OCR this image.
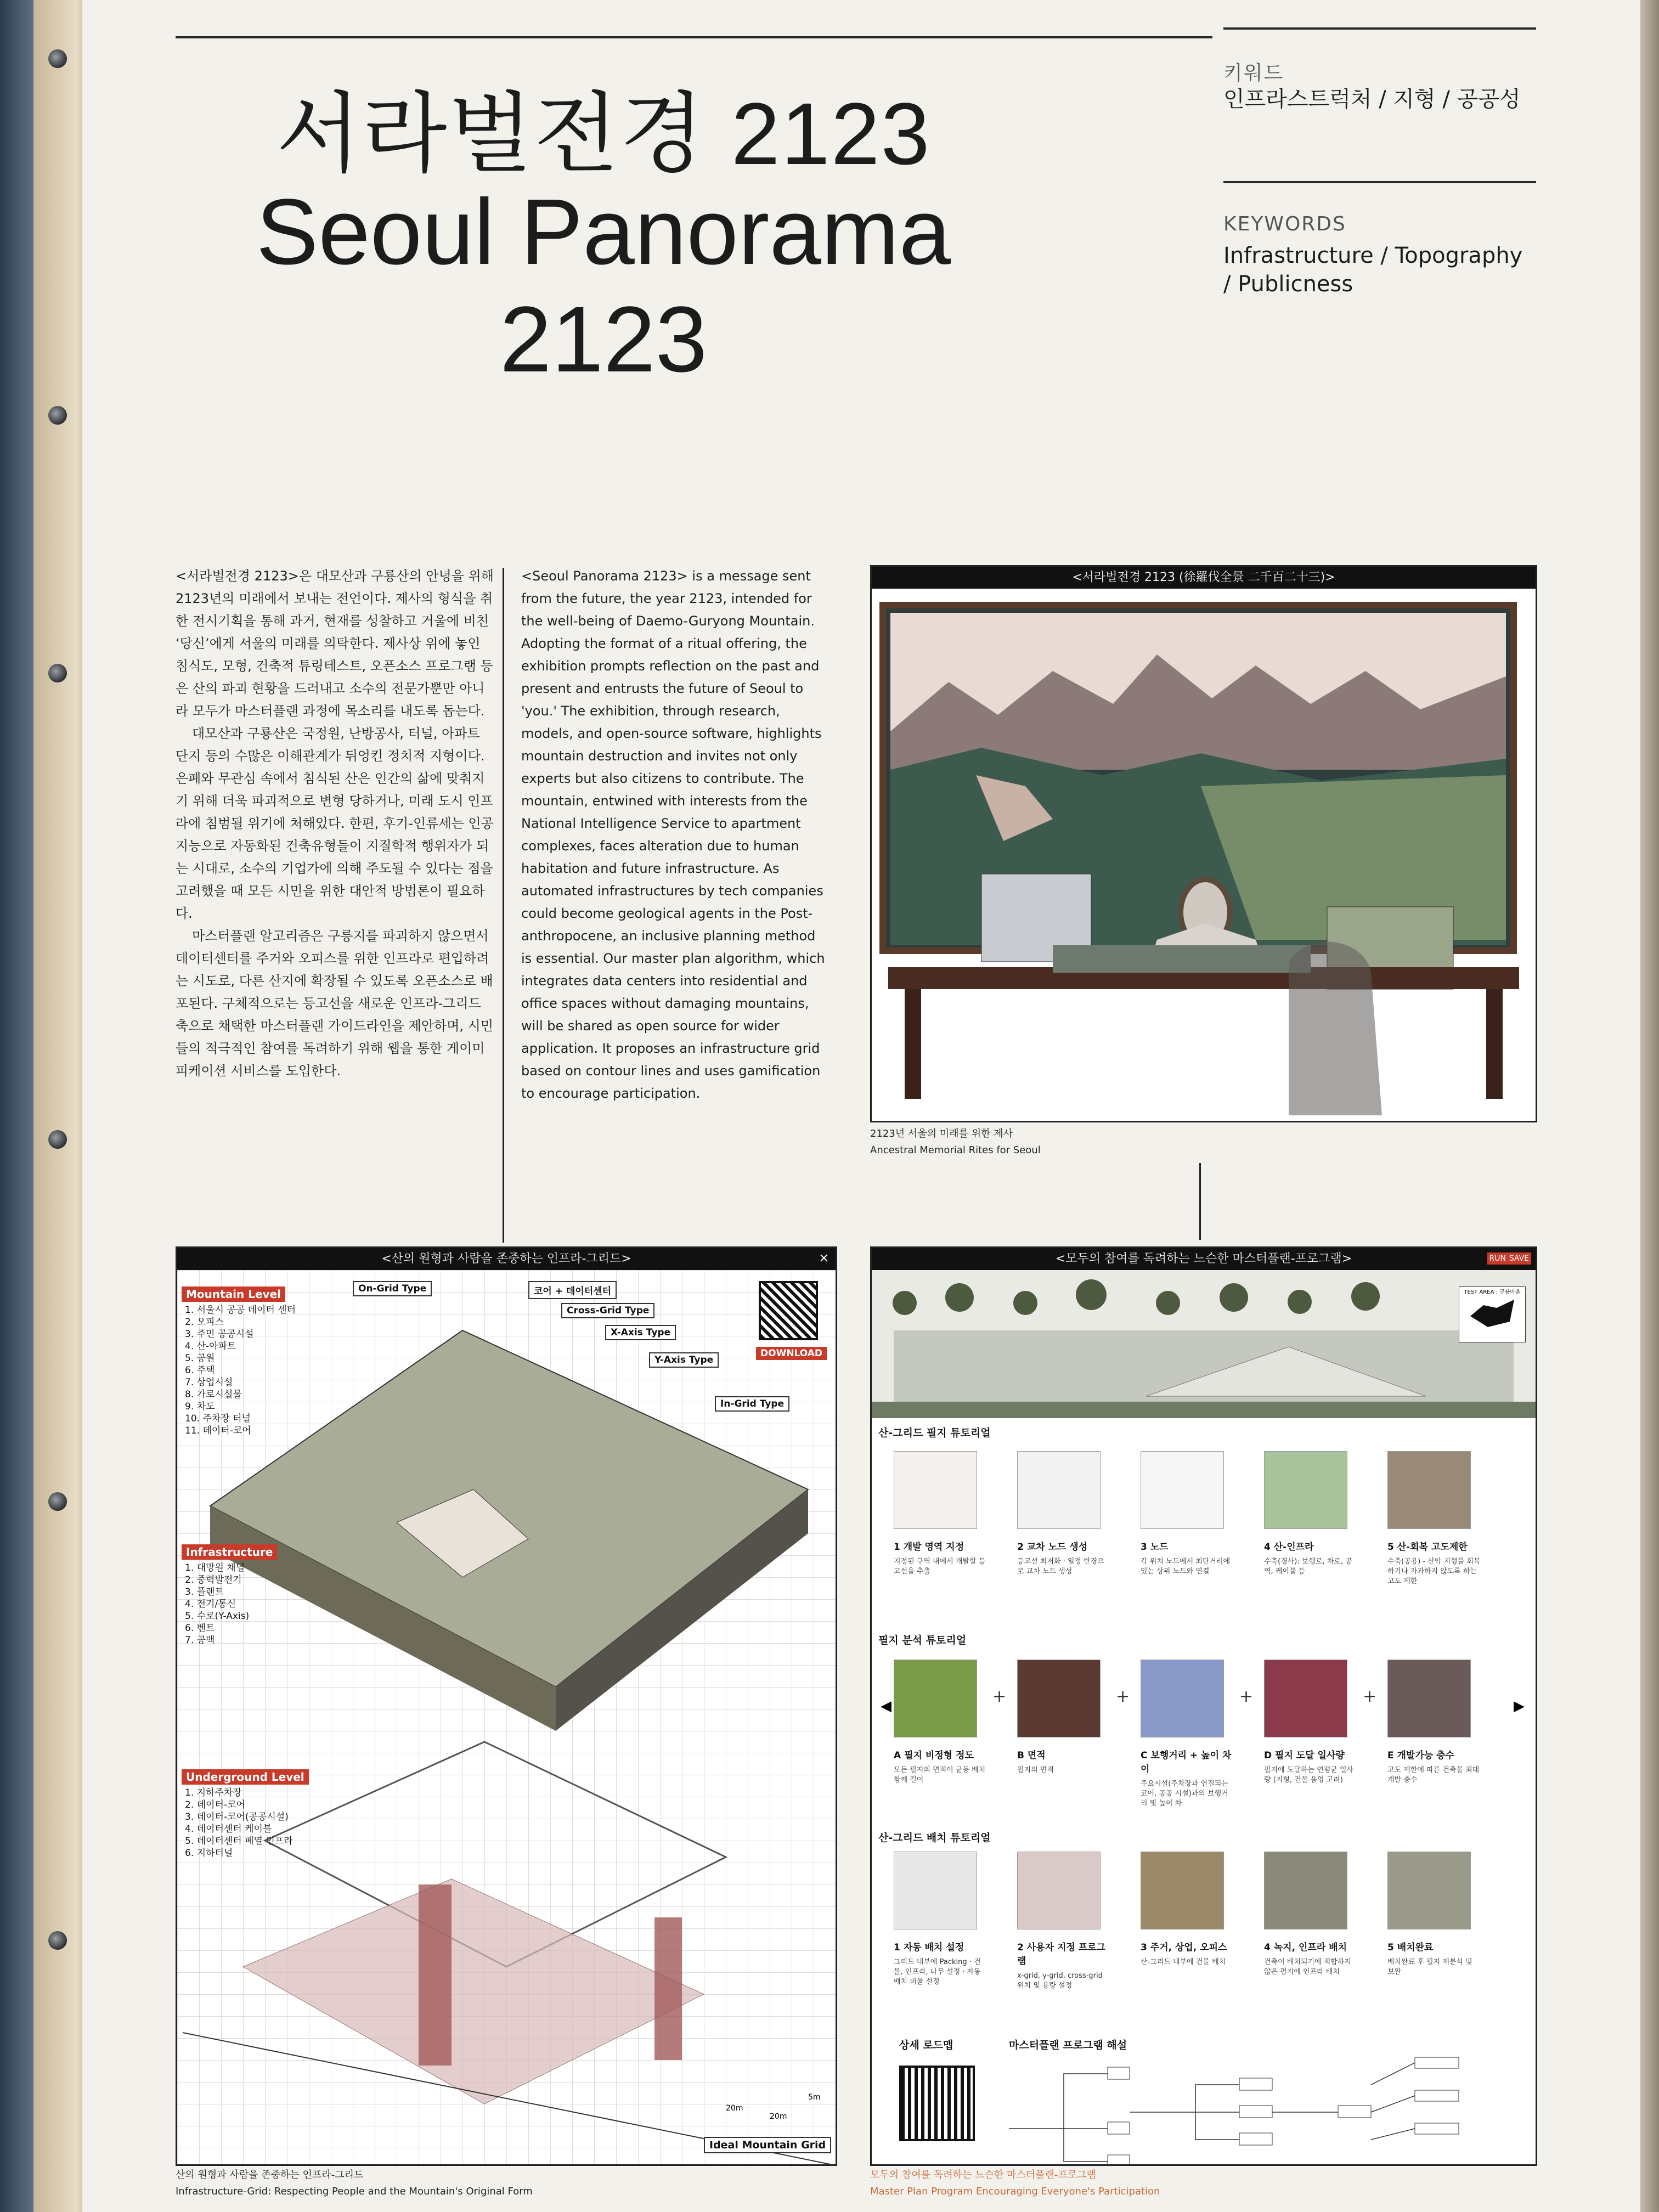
서라벌전경 2123
Seoul Panorama 2123
키워드
인프라스트럭처 / 지형 / 공공성
KEYWORDS
Infrastructure / Topography / Publicness

<서라벌전경 2123>은 대모산과 구룡산의 안녕을 위해 2123년의 미래에서 보내는 전언이다. 제사의 형식을 취한 전시기획을 통해 과거, 현재를 성찰하고 거울에 비친 ‘당신’에게 서울의 미래를 의탁한다. 제사상 위에 놓인 침식도, 모형, 건축적 튜링테스트, 오픈소스 프로그램 등은 산의 파괴 현황을 드러내고 소수의 전문가뿐만 아니라 모두가 마스터플랜 과정에 목소리를 내도록 돕는다.

대모산과 구룡산은 국정원, 난방공사, 터널, 아파트 단지 등의 수많은 이해관계가 뒤엉킨 정치적 지형이다. 은폐와 무관심 속에서 침식된 산은 인간의 삶에 맞춰지기 위해 더욱 파괴적으로 변형 당하거나, 미래 도시 인프라에 침범될 위기에 처해있다. 한편, 후기-인류세는 인공지능으로 자동화된 건축유형들이 지질학적 행위자가 되는 시대로, 소수의 기업가에 의해 주도될 수 있다는 점을 고려했을 때 모든 시민을 위한 대안적 방법론이 필요하다.

마스터플랜 알고리즘은 구릉지를 파괴하지 않으면서 데이터센터를 주거와 오피스를 위한 인프라로 편입하려는 시도로, 다른 산지에 확장될 수 있도록 오픈소스로 배포된다. 구체적으로는 등고선을 새로운 인프라-그리드 축으로 채택한 마스터플랜 가이드라인을 제안하며, 시민들의 적극적인 참여를 독려하기 위해 웹을 통한 게이미피케이션 서비스를 도입한다.

<Seoul Panorama 2123> is a message sent from the future, the year 2123, intended for the well-being of Daemo-Guryong Mountain. Adopting the format of a ritual offering, the exhibition prompts reflection on the past and present and entrusts the future of Seoul to 'you.' The exhibition, through research, models, and open-source software, highlights mountain destruction and invites not only experts but also citizens to contribute. The mountain, entwined with interests from the National Intelligence Service to apartment complexes, faces alteration due to human habitation and future infrastructure. As automated infrastructures by tech companies could become geological agents in the Post-anthropocene, an inclusive planning method is essential. Our master plan algorithm, which integrates data centers into residential and office spaces without damaging mountains, will be shared as open source for wider application. It proposes an infrastructure grid based on contour lines and uses gamification to encourage participation.
<서라벌전경 2123 (徐羅伐全景 二千百二十三)>
2123년 서울의 미래를 위한 제사
Ancestral Memorial Rites for Seoul
<산의 원형과 사람을 존중하는 인프라-그리드>	✕
Mountain Level
1. 서울시 공공 데이터 센터
2. 오피스
3. 주민 공공시설
4. 산-아파트
5. 공원
6. 주택
7. 상업시설
8. 가로시설물
9. 차도
10. 주차장 터널
11. 데이터-코어
Infrastructure
1. 대망원 채널
2. 중력발전기
3. 플랜트
4. 전기/통신
5. 수로(Y-Axis)
6. 벤트
7. 공백
Underground Level
1. 지하주차장
2. 데이터-코어
3. 데이터-코어(공공시설)
4. 데이터센터 케이블
5. 데이터센터 폐열 인프라
6. 지하터널
On-Grid Type	코어 + 데이터센터
Cross-Grid Type
X-Axis Type
Y-Axis Type
In-Grid Type
DOWNLOAD
Ideal Mountain Grid
20m
20m
5m
산의 원형과 사람을 존중하는 인프라-그리드
Infrastructure-Grid: Respecting People and the Mountain's Original Form
<모두의 참여를 독려하는 느슨한 마스터플랜-프로그램>	RUN SAVE
TEST AREA : 구룡마을
산-그리드 필지 튜토리얼
필지 분석 튜토리얼
◀	▶
산-그리드 배치 튜토리얼
상세 로드맵	마스터플랜 프로그램 해설
1 개발 영역 지정
지정된 구역 내에서 개발할 등고선을 추출
2 교차 노드 생성
등고선 최저화 · 일정 반경으로 교차 노드 생성
3 노드
각 위치 노드에서 최단거리에 있는 상위 노드와 연결
4 산-인프라
수축(경사): 보행로, 차로, 공역, 케이블 등
5 산-회복 고도제한
수축(공용) - 산악 지형을 회복하기나 자과하지 않도록 하는 고도 제한
A 필지 비정형 정도
모든 필지의 면적이 균등 배치 함께 길이
+
B 면적
필지의 면적
+
C 보행거리 + 높이 차이
주요시설(주차장과 연결되는 코어, 공공 시설)과의 보행거리 및 높이 차
+
D 필지 도달 일사량
필지에 도달하는 연평균 일사량 (지형, 건물 음영 고려)
+
E 개발가능 층수
고도 제한에 따른 건축물 최대 개발 층수
1 자동 배치 설정
그리드 내부에 Packing · 건물, 인프라, 나무 설정 · 자동배치 비율 설정
2 사용자 지정 프로그램
x-grid, y-grid, cross-grid 위치 및 용량 설정
3 주거, 상업, 오피스
산-그리드 내부에 건물 배치
4 녹지, 인프라 배치
건축이 배치되기에 적합하지 않은 필지에 인프라 배치
5 배치완료
배치완료 후 필지 재분석 및 보완
모두의 참여를 독려하는 느슨한 마스터플랜-프로그램
Master Plan Program Encouraging Everyone's Participation
